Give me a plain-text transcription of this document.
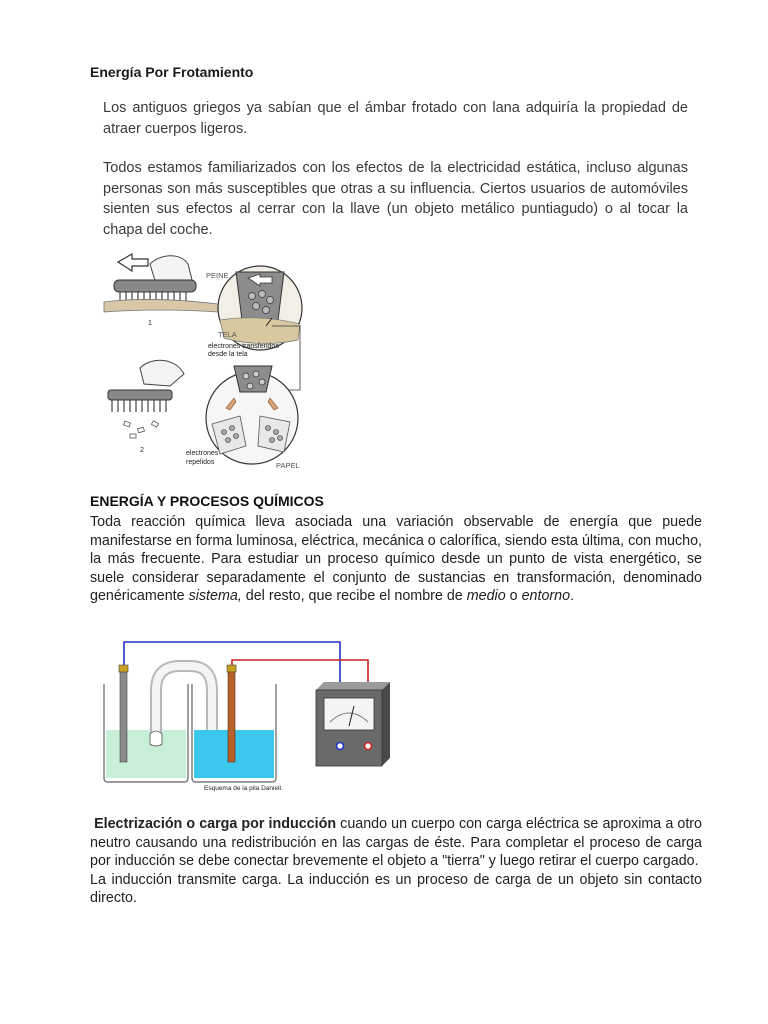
Energía Por Frotamiento
Los antiguos griegos ya sabían que el ámbar frotado con lana adquiría la propiedad de atraer cuerpos ligeros.
Todos estamos familiarizados con los efectos de la electricidad estática, incluso algunas personas son más susceptibles que otras a su influencia. Ciertos usuarios de automóviles sienten sus efectos al cerrar con la llave (un objeto metálico puntiagudo) o al tocar la chapa del coche.
1
PEINE
TELA
electrones transferidos
desde la tela
2	electrones
repelidos	PAPEL
ENERGÍA Y PROCESOS QUÍMICOS
Toda reacción química lleva asociada una variación observable de energía que puede manifestarse en forma luminosa, eléctrica, mecánica o calorífica, siendo esta última, con mucho, la más frecuente. Para estudiar un proceso químico desde un punto de vista energético, se suele considerar separadamente el conjunto de sustancias en transformación, denominado genéricamente sistema, del resto, que recibe el nombre de medio o entorno.
Esquema de la pila Daniell.
Electrización o carga por inducción cuando un cuerpo con carga eléctrica se aproxima a otro neutro causando una redistribución en las cargas de éste. Para completar el proceso de carga por inducción se debe conectar brevemente el objeto a "tierra" y luego retirar el cuerpo cargado.
La inducción transmite carga. La inducción es un proceso de carga de un objeto sin contacto directo.
